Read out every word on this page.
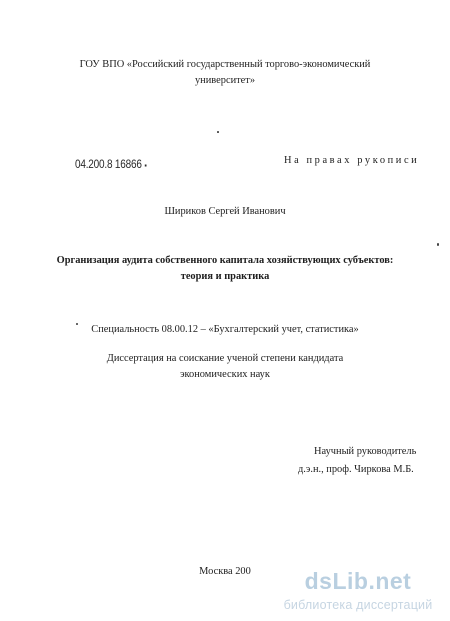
ГОУ ВПО «Российский государственный торгово-экономический
университет»
04.200.8 16866 ▪
На правах рукописи
Шириков Сергей Иванович
Организация аудита собственного капитала хозяйствующих субъектов:
теория и практика
Специальность 08.00.12 – «Бухгалтерский учет, статистика»
Диссертация на соискание ученой степени кандидата
экономических наук
Научный руководитель
д.э.н., проф. Чиркова М.Б.
Москва 200	dsLib.net
библиотека диссертаций
